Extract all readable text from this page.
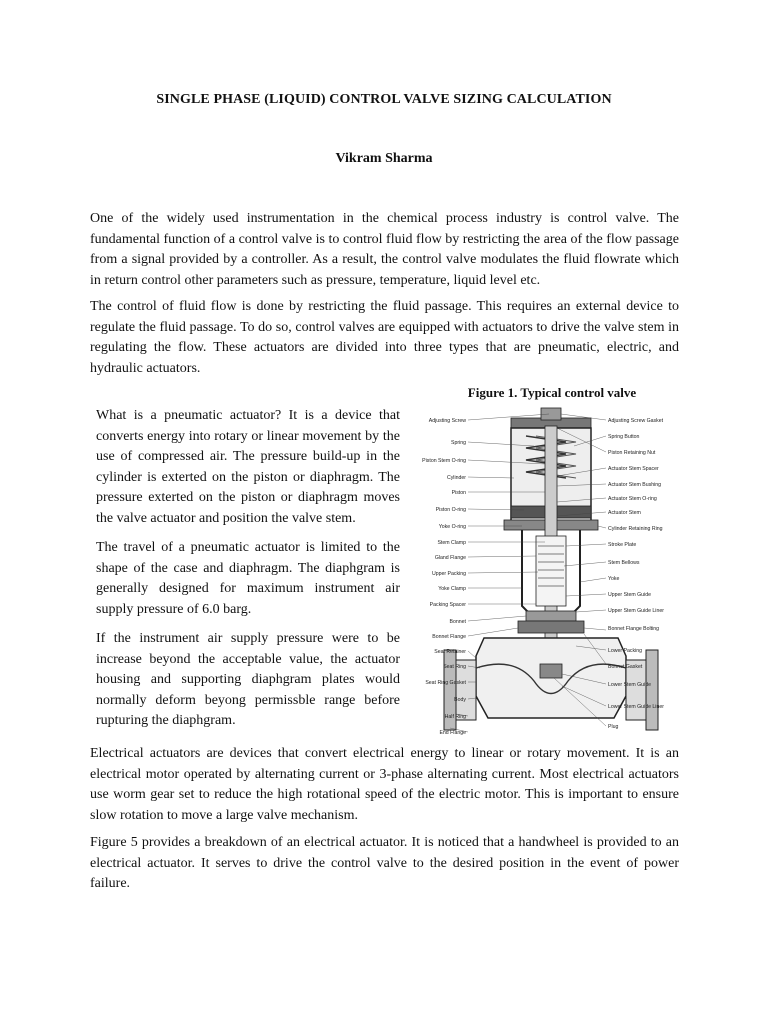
SINGLE PHASE (LIQUID) CONTROL VALVE SIZING CALCULATION
Vikram Sharma

One of the widely used instrumentation in the chemical process industry is control valve. The fundamental function of a control valve is to control fluid flow by restricting the area of the flow passage from a signal provided by a controller. As a result, the control valve modulates the fluid flowrate which in return control other parameters such as pressure, temperature, liquid level etc.

The control of fluid flow is done by restricting the fluid passage. This requires an external device to regulate the fluid passage. To do so, control valves are equipped with actuators to drive the valve stem in regulating the flow. These actuators are divided into three types that are pneumatic, electric, and hydraulic actuators.

What is a pneumatic actuator? It is a device that converts energy into rotary or linear movement by the use of compressed air. The pressure build-up in the cylinder is exterted on the piston or diaphragm. The pressure exterted on the piston or diaphragm moves the valve actuator and position the valve stem.

The travel of a pneumatic actuator is limited to the shape of the case and diaphragm. The diaphgram is generally designed for maximum instrument air supply pressure of 6.0 barg.

If the instrument air supply pressure were to be increase beyond the acceptable value, the actuator housing and supporting diaphgram plates would normally deform beyong permissble range before rupturing the diaphgram.

Figure 1. Typical control valve
Adjusting Screw
Spring
Piston Stem O-ring
Cylinder
Piston
Piston O-ring
Yoke O-ring
Stem Clamp
Gland Flange
Upper Packing
Yoke Clamp
Packing Spacer
Bonnet
Bonnet Flange
Seat Retainer
Seat Ring
Seat Ring Gasket
Body
Half Ring
End Flange
Adjusting Screw Gasket
Spring Button
Piston Retaining Nut
Actuator Stem Spacer
Actuator Stem Bushing
Actuator Stem O-ring
Actuator Stem
Cylinder Retaining Ring
Stroke Plate
Stem Bellows
Yoke
Upper Stem Guide
Upper Stem Guide Liner
Bonnet Flange Bolting
Lower Packing
Bonnet Gasket
Lower Stem Guide
Lower Stem Guide Liner
Plug

Electrical actuators are devices that convert electrical energy to linear or rotary movement. It is an electrical motor operated by alternating current or 3-phase alternating current. Most electrical actuators use worm gear set to reduce the high rotational speed of the electric motor. This is important to ensure slow rotation to move a large valve mechanism.

Figure 5 provides a breakdown of an electrical actuator. It is noticed that a handwheel is provided to an electrical actuator. It serves to drive the control valve to the desired position in the event of power failure.
